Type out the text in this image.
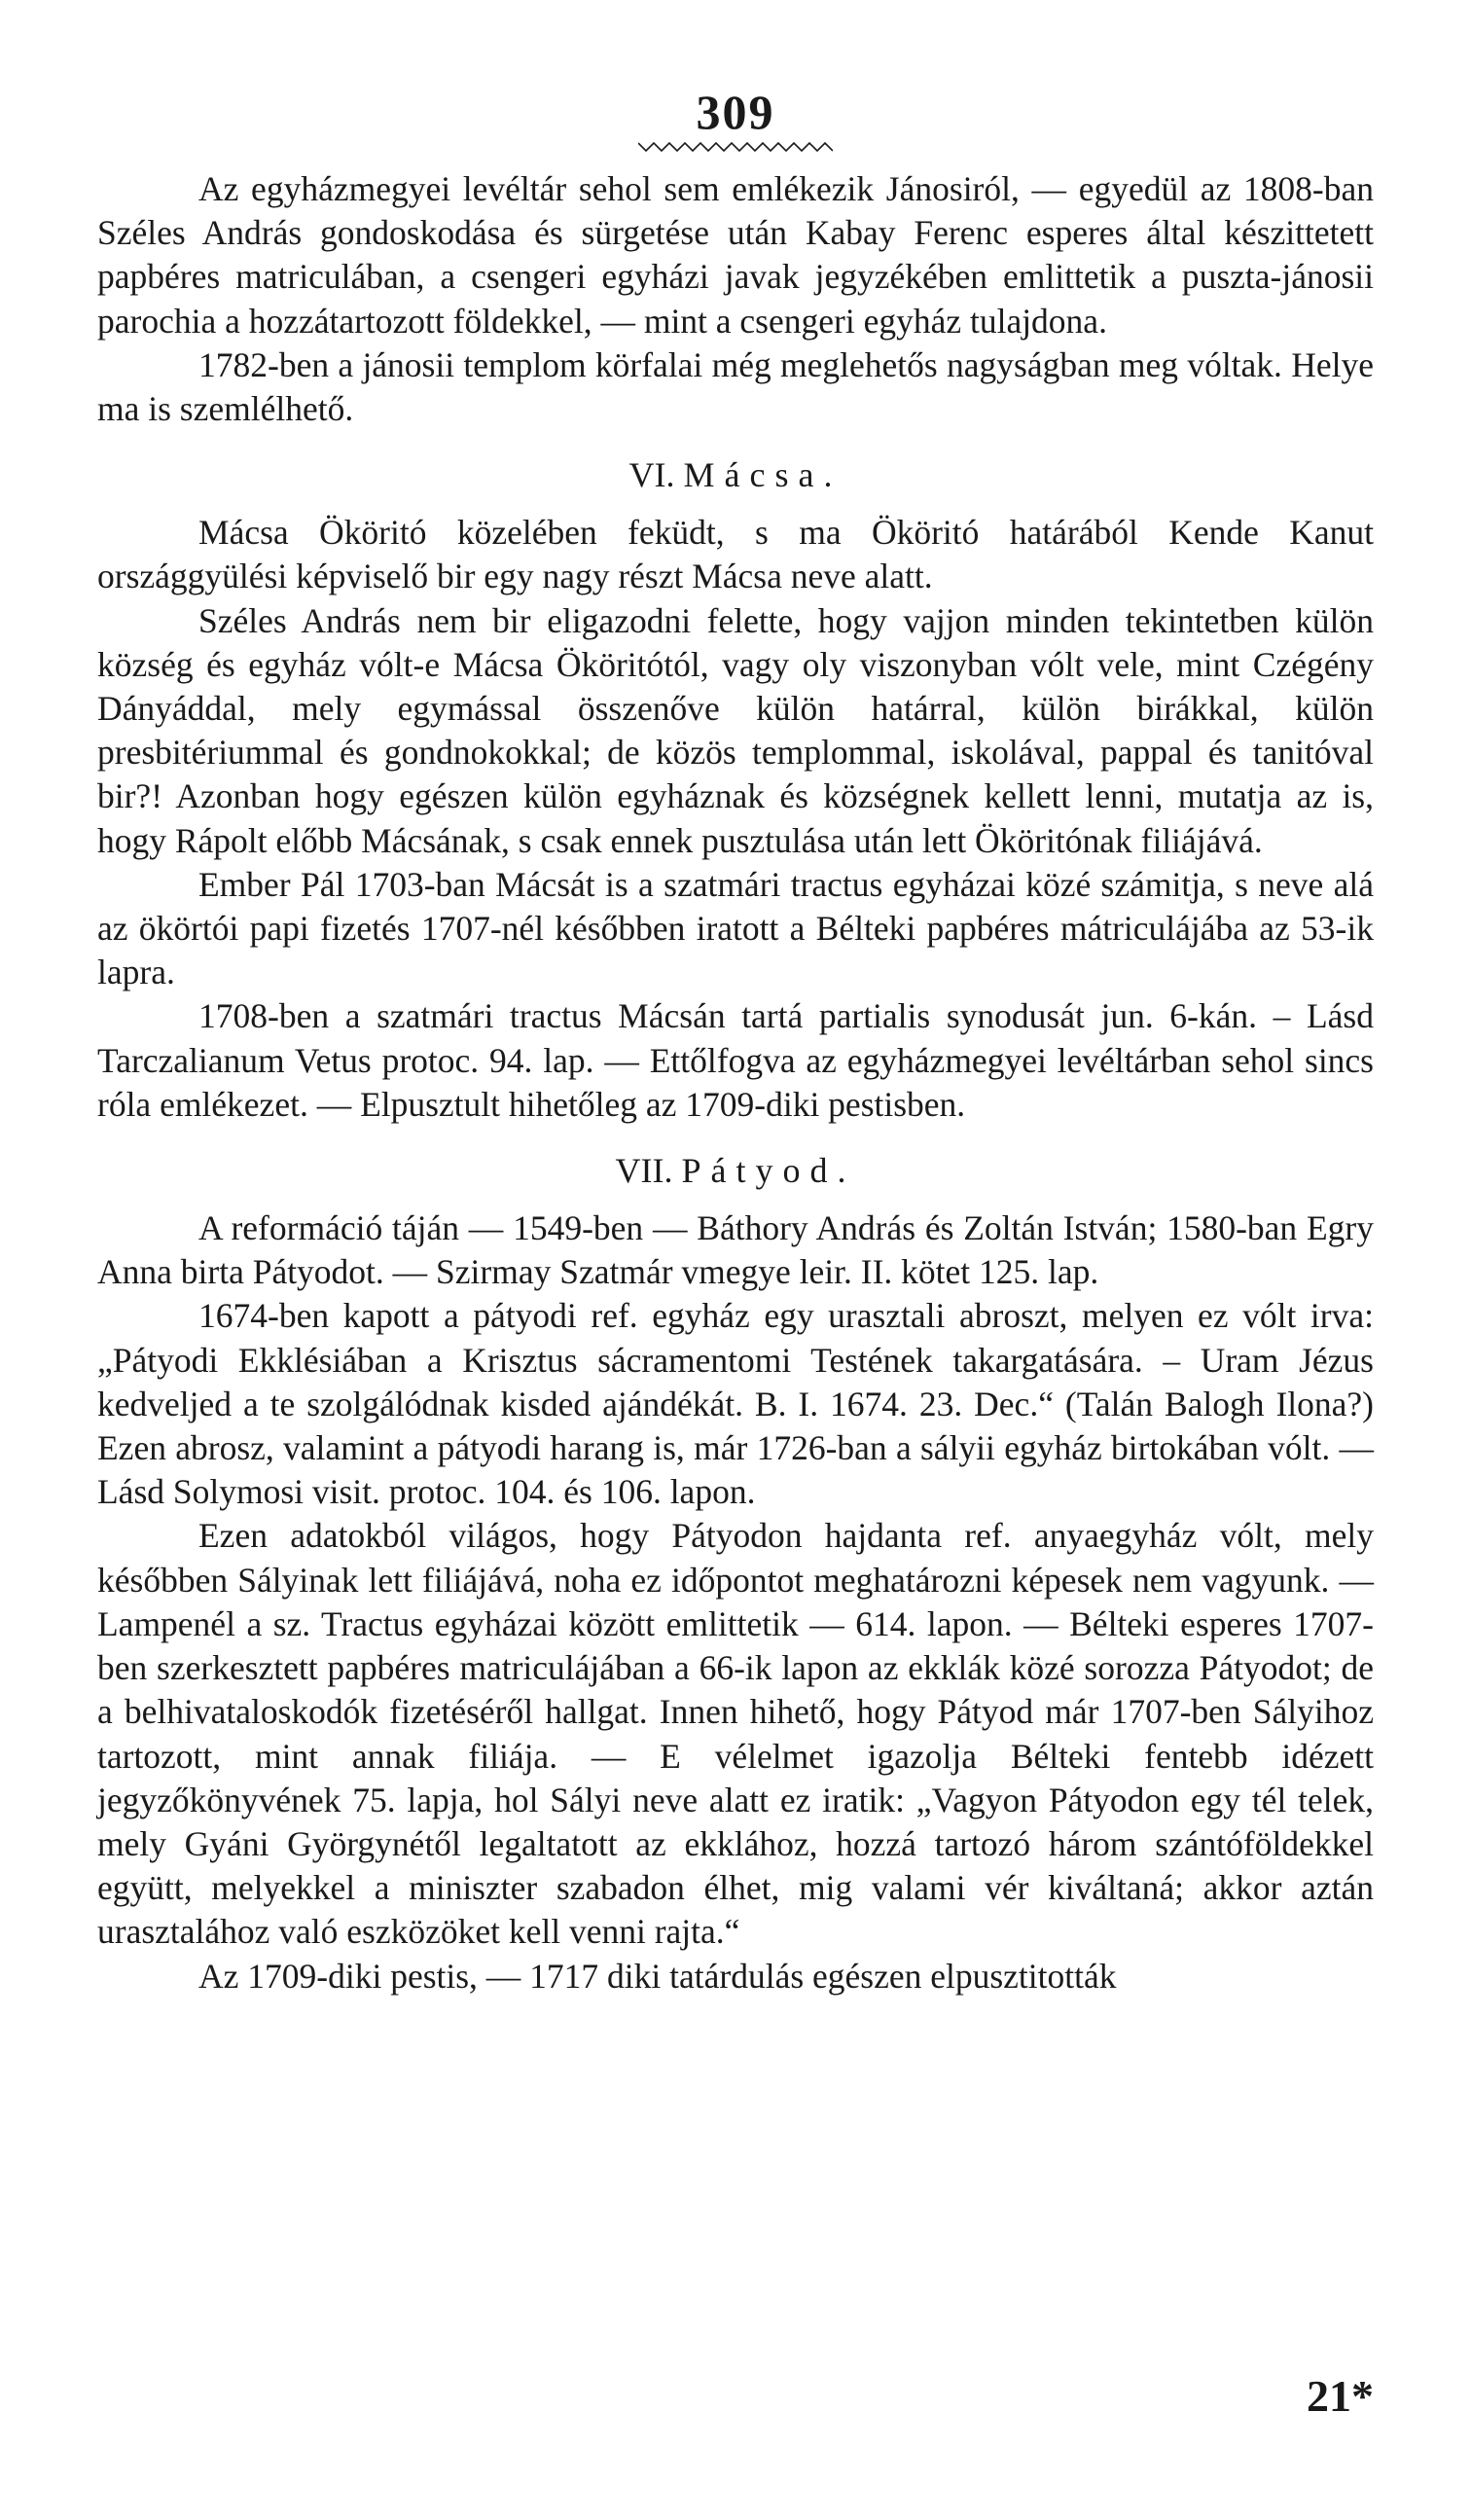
309

Az egyházmegyei levéltár sehol sem emlékezik Jánosiról, — egyedül az 1808-ban Széles András gondoskodása és sürgetése után Kabay Ferenc esperes által készittetett papbéres matriculában, a csengeri egyházi javak jegyzékében emlittetik a puszta-jánosii parochia a hozzátartozott földekkel, — mint a csengeri egyház tulajdona.

1782-ben a jánosii templom körfalai még meglehetős nagyságban meg vóltak. Helye ma is szemlélhető.

VI. Mácsa.

Mácsa Ököritó közelében feküdt, s ma Ököritó határából Kende Kanut országgyülési képviselő bir egy nagy részt Mácsa neve alatt.

Széles András nem bir eligazodni felette, hogy vajjon minden tekintetben külön község és egyház vólt-e Mácsa Ököritótól, vagy oly viszonyban vólt vele, mint Czégény Dányáddal, mely egymással összenőve külön határral, külön birákkal, külön presbitériummal és gondnokokkal; de közös templommal, iskolával, pappal és tanitóval bir?! Azonban hogy egészen külön egyháznak és községnek kellett lenni, mutatja az is, hogy Rápolt előbb Mácsának, s csak ennek pusztulása után lett Ököritónak filiájává.

Ember Pál 1703-ban Mácsát is a szatmári tractus egyházai közé számitja, s neve alá az ökörtói papi fizetés 1707-nél későbben iratott a Bélteki papbéres mátriculájába az 53-ik lapra.

1708-ben a szatmári tractus Mácsán tartá partialis synodusát jun. 6-kán. – Lásd Tarczalianum Vetus protoc. 94. lap. — Ettőlfogva az egyházmegyei levéltárban sehol sincs róla emlékezet. — Elpusztult hihetőleg az 1709-diki pestisben.

VII. Pátyod.

A reformáció táján — 1549-ben — Báthory András és Zoltán István; 1580-ban Egry Anna birta Pátyodot. — Szirmay Szatmár vmegye leir. II. kötet 125. lap.

1674-ben kapott a pátyodi ref. egyház egy urasztali abroszt, melyen ez vólt irva: „Pátyodi Ekklésiában a Krisztus sácramentomi Testének takargatására. – Uram Jézus kedveljed a te szolgálódnak kisded ajándékát. B. I. 1674. 23. Dec.“ (Talán Balogh Ilona?) Ezen abrosz, valamint a pátyodi harang is, már 1726-ban a sályii egyház birtokában vólt. — Lásd Solymosi visit. protoc. 104. és 106. lapon.

Ezen adatokból világos, hogy Pátyodon hajdanta ref. anyaegyház vólt, mely későbben Sályinak lett filiájává, noha ez időpontot meghatározni képesek nem vagyunk. — Lampenél a sz. Tractus egyházai között emlittetik — 614. lapon. — Bélteki esperes 1707-ben szerkesztett papbéres matriculájában a 66-ik lapon az ekklák közé sorozza Pátyodot; de a belhivataloskodók fizetéséről hallgat. Innen hihető, hogy Pátyod már 1707-ben Sályihoz tartozott, mint annak filiája. — E vélelmet igazolja Bélteki fentebb idézett jegyzőkönyvének 75. lapja, hol Sályi neve alatt ez iratik: „Vagyon Pátyodon egy tél telek, mely Gyáni Györgynétől legaltatott az ekklához, hozzá tartozó három szántóföldekkel együtt, melyekkel a miniszter szabadon élhet, mig valami vér kiváltaná; akkor aztán urasztalához való eszközöket kell venni rajta.“

Az 1709-diki pestis, — 1717 diki tatárdulás egészen elpusztitották

21*
